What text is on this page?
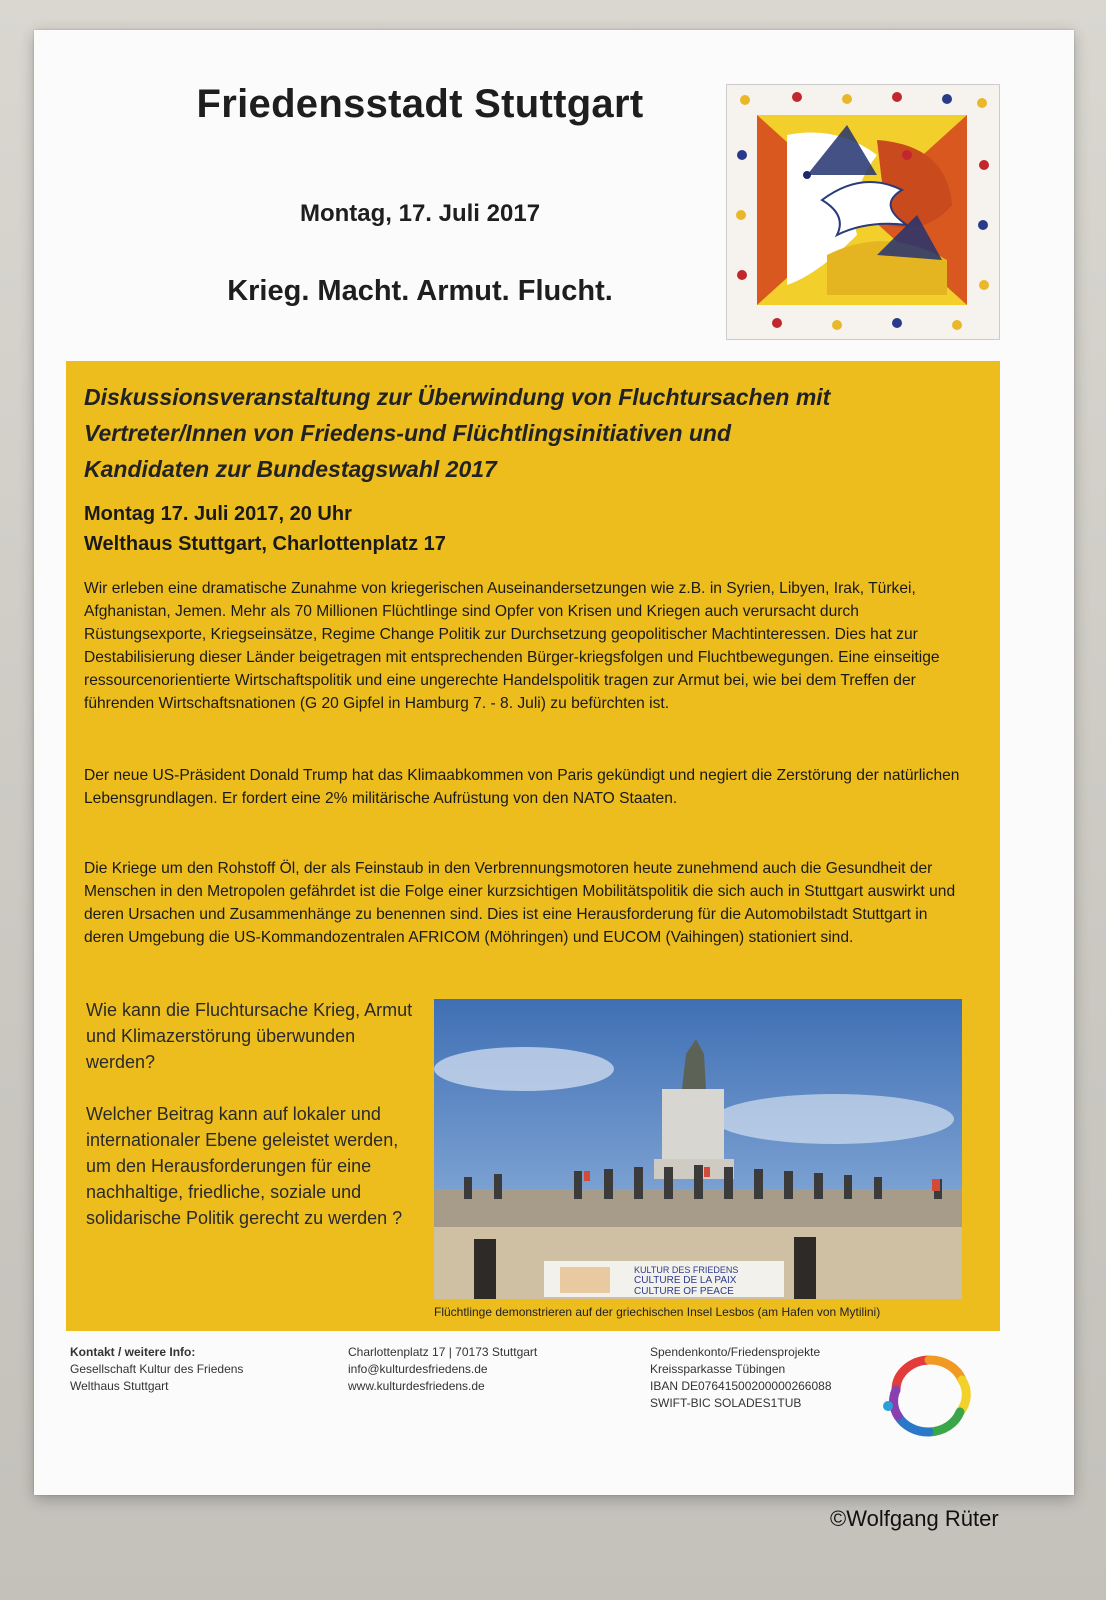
Friedensstadt Stuttgart
Montag, 17. Juli 2017
Krieg. Macht. Armut. Flucht.
Diskussionsveranstaltung zur Überwindung von Fluchtursachen mit
Vertreter/Innen von Friedens-und Flüchtlingsinitiativen und
Kandidaten zur Bundestagswahl 2017
Montag 17. Juli 2017, 20 Uhr
Welthaus Stuttgart, Charlottenplatz 17
Wir erleben eine dramatische Zunahme von kriegerischen Auseinandersetzungen wie z.B. in Syrien, Libyen, Irak, Türkei, Afghanistan, Jemen. Mehr als 70 Millionen Flüchtlinge sind Opfer von Krisen und Kriegen auch verursacht durch Rüstungsexporte, Kriegseinsätze, Regime Change Politik zur Durchsetzung geopolitischer Machtinteressen. Dies hat zur Destabilisierung dieser Länder beigetragen mit entsprechenden Bürger-kriegsfolgen und Fluchtbewegungen. Eine einseitige ressourcenorientierte Wirtschaftspolitik und eine ungerechte Handelspolitik tragen zur Armut bei, wie bei dem Treffen der führenden Wirtschaftsnationen (G 20 Gipfel in Hamburg 7. - 8. Juli) zu befürchten ist.
Der neue US-Präsident Donald Trump hat das Klimaabkommen von Paris gekündigt und negiert die Zerstörung der natürlichen Lebensgrundlagen. Er fordert eine 2% militärische Aufrüstung von den NATO Staaten.
Die Kriege um den Rohstoff Öl, der als Feinstaub in den Verbrennungsmotoren heute zunehmend auch die Gesundheit der Menschen in den Metropolen gefährdet ist die Folge einer kurzsichtigen Mobilitätspolitik die sich auch in Stuttgart auswirkt und deren Ursachen und Zusammenhänge zu benennen sind. Dies ist eine Herausforderung für die Automobilstadt Stuttgart in deren Umgebung die US-Kommandozentralen AFRICOM (Möhringen) und EUCOM (Vaihingen) stationiert sind.
Wie kann die Fluchtursache Krieg, Armut und Klimazerstörung überwunden werden?
Welcher Beitrag kann auf lokaler und internationaler Ebene geleistet werden, um den Herausforderungen für eine nachhaltige, friedliche, soziale und solidarische Politik gerecht zu werden ?
KULTUR DES FRIEDENS
CULTURE DE LA PAIX
CULTURE OF PEACE
Flüchtlinge demonstrieren auf der griechischen Insel Lesbos (am Hafen von Mytilini)
Kontakt / weitere Info:
Gesellschaft Kultur des Friedens
Welthaus Stuttgart
Charlottenplatz 17 | 70173 Stuttgart
info@kulturdesfriedens.de
www.kulturdesfriedens.de
Spendenkonto/Friedensprojekte
Kreissparkasse Tübingen
IBAN DE07641500200000266088
SWIFT-BIC SOLADES1TUB
©Wolfgang Rüter
